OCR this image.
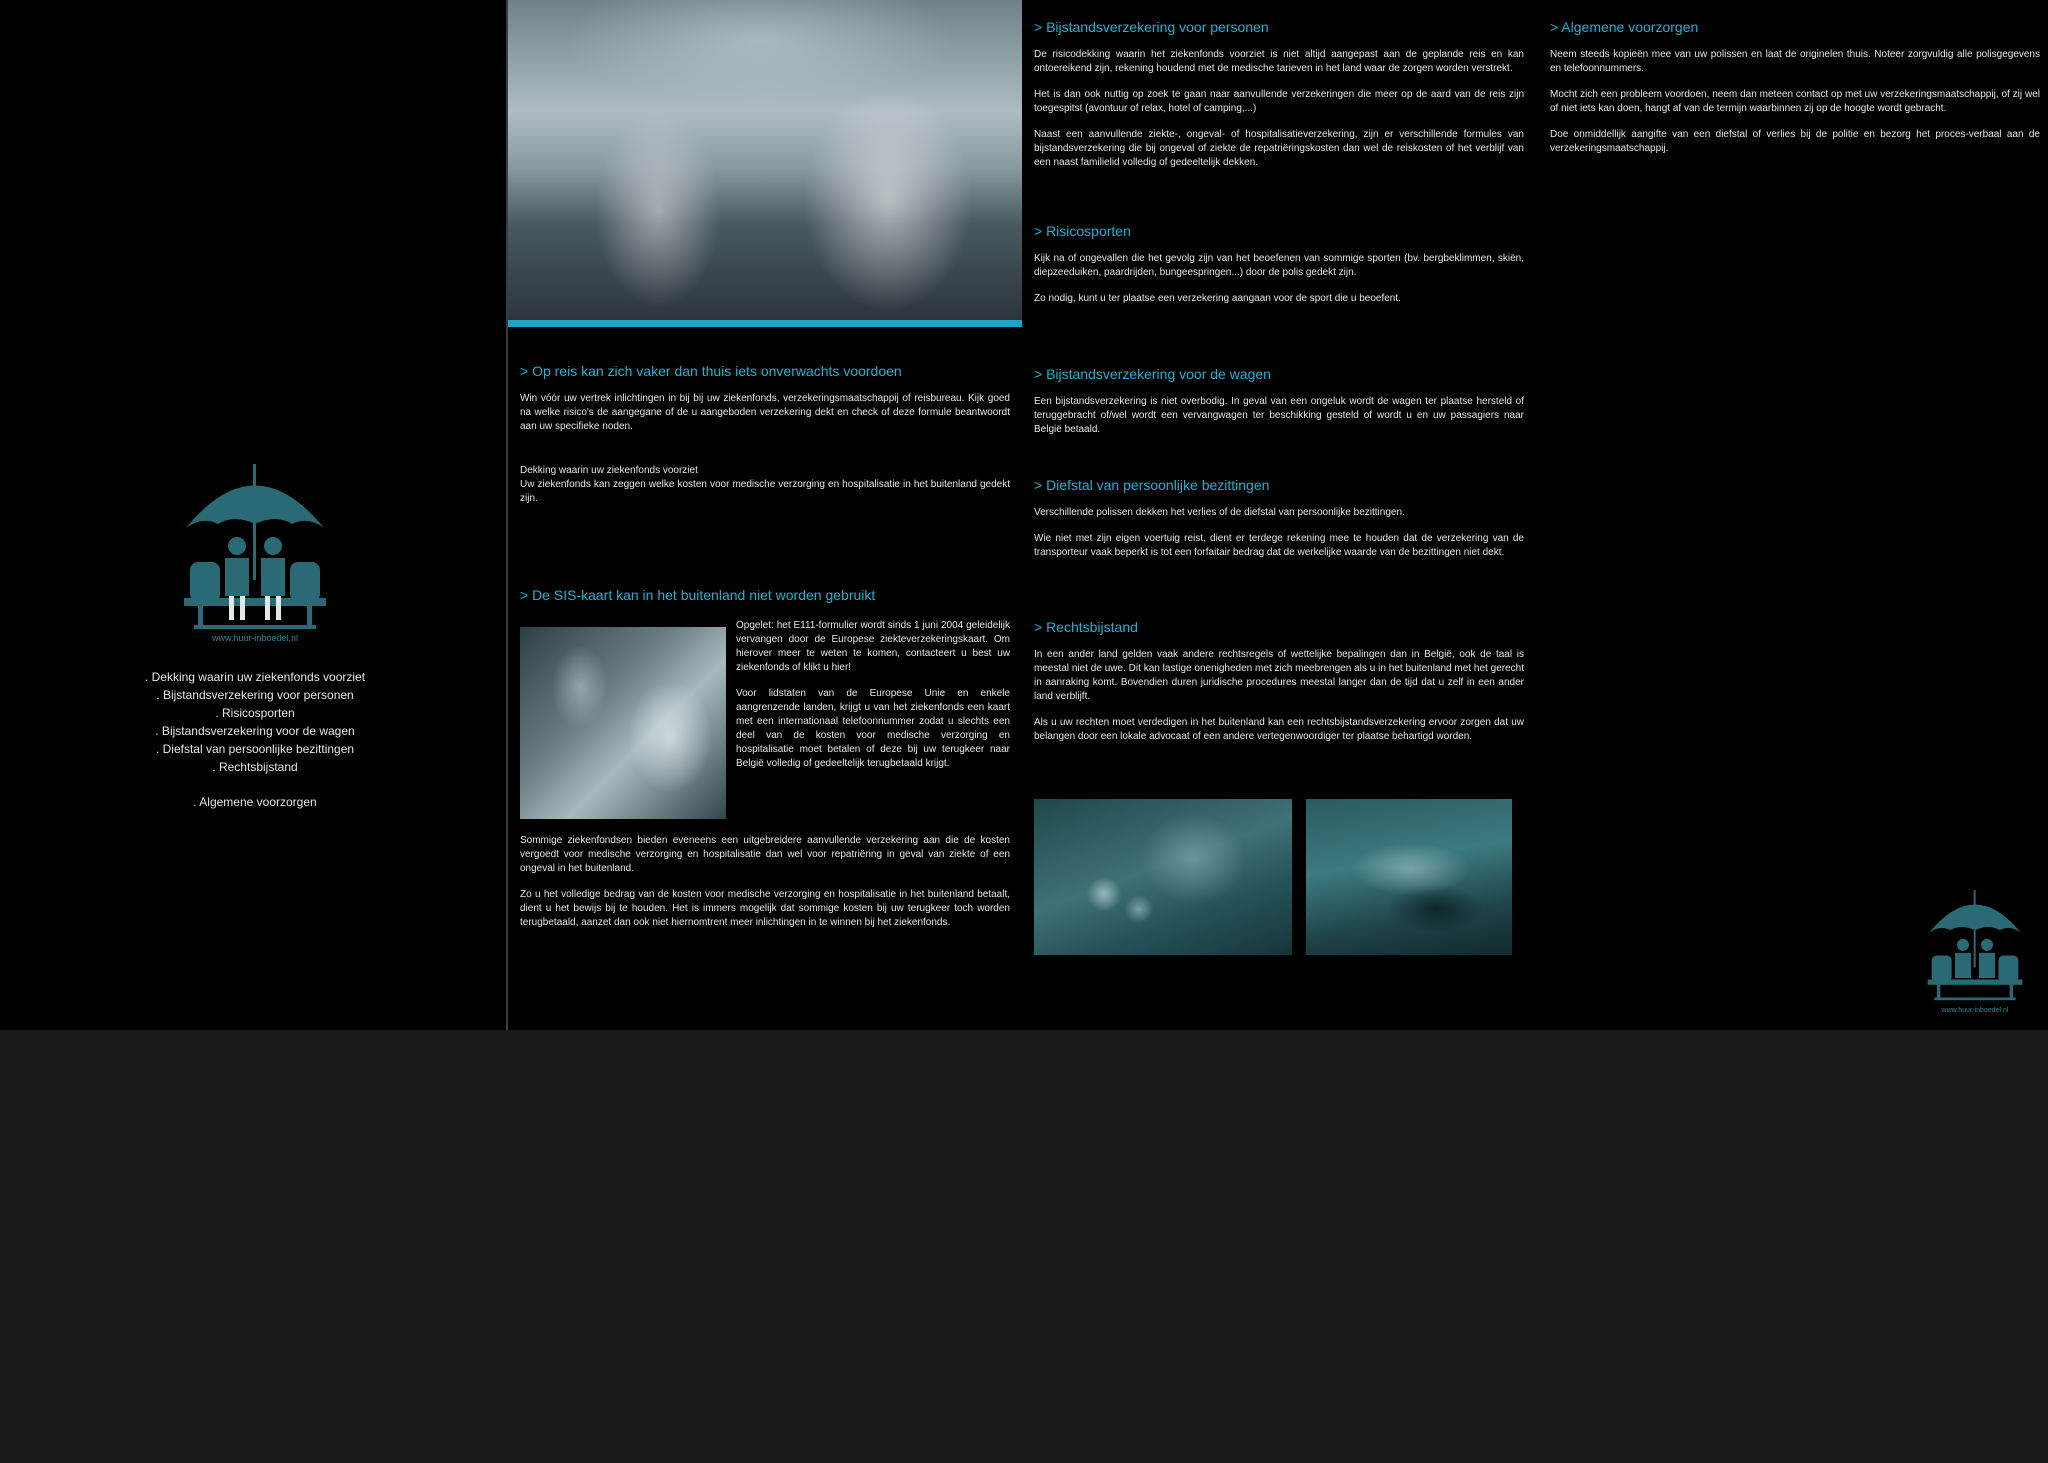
www.huur-inboedel.nl
. Dekking waarin uw ziekenfonds voorziet
. Bijstandsverzekering voor personen
. Risicosporten
. Bijstandsverzekering voor de wagen
. Diefstal van persoonlijke bezittingen
. Rechtsbijstand
. Algemene voorzorgen
> Op reis kan zich vaker dan thuis iets onverwachts voordoen

Win vóór uw vertrek inlichtingen in bij bij uw ziekenfonds, verzekeringsmaatschappij of reisbureau. Kijk goed na welke risico's de aangegane of de u aangeboden verzekering dekt en check of deze formule beantwoordt aan uw specifieke noden.

Dekking waarin uw ziekenfonds voorziet

Uw ziekenfonds kan zeggen welke kosten voor medische verzorging en hospitalisatie in het buitenland gedekt zijn.

> De SIS-kaart kan in het buitenland niet worden gebruikt

Opgelet: het E111-formulier wordt sinds 1 juni 2004 geleidelijk vervangen door de Europese ziekteverzekeringskaart. Om hierover meer te weten te komen, contacteert u best uw ziekenfonds of klikt u hier!

Voor lidstaten van de Europese Unie en enkele aangrenzende landen, krijgt u van het ziekenfonds een kaart met een internationaal telefoonnummer zodat u slechts een deel van de kosten voor medische verzorging en hospitalisatie moet betalen of deze bij uw terugkeer naar België volledig of gedeeltelijk terugbetaald krijgt.

Sommige ziekenfondsen bieden eveneens een uitgebreidere aanvullende verzekering aan die de kosten vergoedt voor medische verzorging en hospitalisatie dan wel voor repatriëring in geval van ziekte of een ongeval in het buitenland.

Zo u het volledige bedrag van de kosten voor medische verzorging en hospitalisatie in het buitenland betaalt, dient u het bewijs bij te houden. Het is immers mogelijk dat sommige kosten bij uw terugkeer toch worden terugbetaald, aanzet dan ook niet hiernomtrent meer inlichtingen in te winnen bij het ziekenfonds.

> Bijstandsverzekering voor personen

De risicodekking waarin het ziekenfonds voorziet is niet altijd aangepast aan de geplande reis en kan ontoereikend zijn, rekening houdend met de medische tarieven in het land waar de zorgen worden verstrekt.

Het is dan ook nuttig op zoek te gaan naar aanvullende verzekeringen die meer op de aard van de reis zijn toegespitst (avontuur of relax, hotel of camping,...)

Naast een aanvullende ziekte-, ongeval- of hospitalisatieverzekering, zijn er verschillende formules van bijstandsverzekering die bij ongeval of ziekte de repatriëringskosten dan wel de reiskosten of het verblijf van een naast familielid volledig of gedeeltelijk dekken.

> Risicosporten

Kijk na of ongevallen die het gevolg zijn van het beoefenen van sommige sporten (bv. bergbeklimmen, skiën, diepzeeduiken, paardrijden, bungeespringen...) door de polis gedekt zijn.

Zo nodig, kunt u ter plaatse een verzekering aangaan voor de sport die u beoefent.

> Bijstandsverzekering voor de wagen

Een bijstandsverzekering is niet overbodig. In geval van een ongeluk wordt de wagen ter plaatse hersteld of teruggebracht of/wel wordt een vervangwagen ter beschikking gesteld of wordt u en uw passagiers naar België betaald.

> Diefstal van persoonlijke bezittingen

Verschillende polissen dekken het verlies of de diefstal van persoonlijke bezittingen.

Wie niet met zijn eigen voertuig reist, dient er terdege rekening mee te houden dat de verzekering van de transporteur vaak beperkt is tot een forfaitair bedrag dat de werkelijke waarde van de bezittingen niet dekt.

> Rechtsbijstand

In een ander land gelden vaak andere rechtsregels of wettelijke bepalingen dan in België, ook de taal is meestal niet de uwe. Dit kan lastige onenigheden met zich meebrengen als u in het buitenland met het gerecht in aanraking komt. Bovendien duren juridische procedures meestal langer dan de tijd dat u zelf in een ander land verblijft.

Als u uw rechten moet verdedigen in het buitenland kan een rechtsbijstandsverzekering ervoor zorgen dat uw belangen door een lokale advocaat of een andere vertegenwoordiger ter plaatse behartigd worden.

> Algemene voorzorgen

Neem steeds kopieën mee van uw polissen en laat de originelen thuis. Noteer zorgvuldig alle polisgegevens en telefoonnummers.

Mocht zich een probleem voordoen, neem dan meteen contact op met uw verzekeringsmaatschappij, of zij wel of niet iets kan doen, hangt af van de termijn waarbinnen zij op de hoogte wordt gebracht.

Doe onmiddellijk aangifte van een diefstal of verlies bij de politie en bezorg het proces-verbaal aan de verzekeringsmaatschappij.

www.huur-inboedel.nl
